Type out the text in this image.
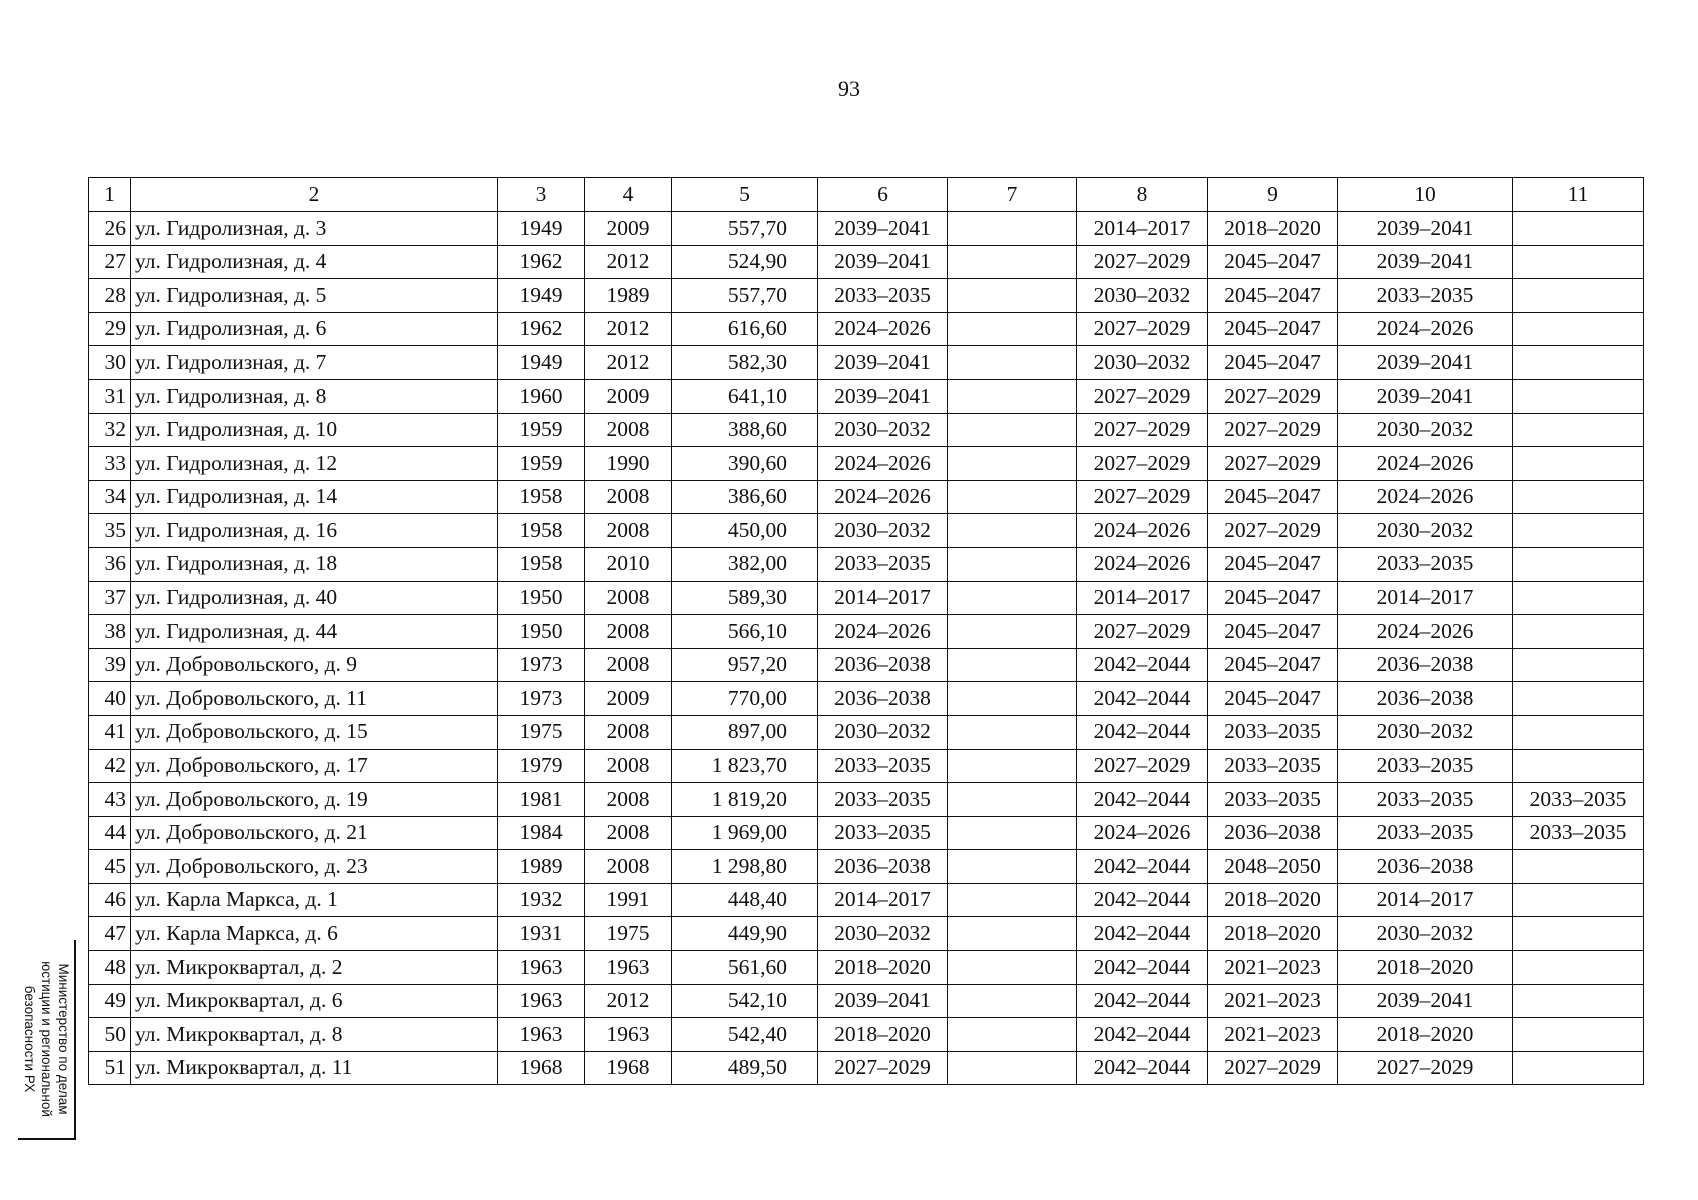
93
1	2	3	4	5	6	7	8	9	10	11
26	ул. Гидролизная, д. 3	1949	2009	557,70	2039–2041		2014–2017	2018–2020	2039–2041	
27	ул. Гидролизная, д. 4	1962	2012	524,90	2039–2041		2027–2029	2045–2047	2039–2041	
28	ул. Гидролизная, д. 5	1949	1989	557,70	2033–2035		2030–2032	2045–2047	2033–2035	
29	ул. Гидролизная, д. 6	1962	2012	616,60	2024–2026		2027–2029	2045–2047	2024–2026	
30	ул. Гидролизная, д. 7	1949	2012	582,30	2039–2041		2030–2032	2045–2047	2039–2041	
31	ул. Гидролизная, д. 8	1960	2009	641,10	2039–2041		2027–2029	2027–2029	2039–2041	
32	ул. Гидролизная, д. 10	1959	2008	388,60	2030–2032		2027–2029	2027–2029	2030–2032	
33	ул. Гидролизная, д. 12	1959	1990	390,60	2024–2026		2027–2029	2027–2029	2024–2026	
34	ул. Гидролизная, д. 14	1958	2008	386,60	2024–2026		2027–2029	2045–2047	2024–2026	
35	ул. Гидролизная, д. 16	1958	2008	450,00	2030–2032		2024–2026	2027–2029	2030–2032	
36	ул. Гидролизная, д. 18	1958	2010	382,00	2033–2035		2024–2026	2045–2047	2033–2035	
37	ул. Гидролизная, д. 40	1950	2008	589,30	2014–2017		2014–2017	2045–2047	2014–2017	
38	ул. Гидролизная, д. 44	1950	2008	566,10	2024–2026		2027–2029	2045–2047	2024–2026	
39	ул. Добровольского, д. 9	1973	2008	957,20	2036–2038		2042–2044	2045–2047	2036–2038	
40	ул. Добровольского, д. 11	1973	2009	770,00	2036–2038		2042–2044	2045–2047	2036–2038	
41	ул. Добровольского, д. 15	1975	2008	897,00	2030–2032		2042–2044	2033–2035	2030–2032	
42	ул. Добровольского, д. 17	1979	2008	1 823,70	2033–2035		2027–2029	2033–2035	2033–2035	
43	ул. Добровольского, д. 19	1981	2008	1 819,20	2033–2035		2042–2044	2033–2035	2033–2035	2033–2035
44	ул. Добровольского, д. 21	1984	2008	1 969,00	2033–2035		2024–2026	2036–2038	2033–2035	2033–2035
45	ул. Добровольского, д. 23	1989	2008	1 298,80	2036–2038		2042–2044	2048–2050	2036–2038	
46	ул. Карла Маркса, д. 1	1932	1991	448,40	2014–2017		2042–2044	2018–2020	2014–2017	
47	ул. Карла Маркса, д. 6	1931	1975	449,90	2030–2032		2042–2044	2018–2020	2030–2032	
48	ул. Микроквартал, д. 2	1963	1963	561,60	2018–2020		2042–2044	2021–2023	2018–2020	
49	ул. Микроквартал, д. 6	1963	2012	542,10	2039–2041		2042–2044	2021–2023	2039–2041	
50	ул. Микроквартал, д. 8	1963	1963	542,40	2018–2020		2042–2044	2021–2023	2018–2020	
51	ул. Микроквартал, д. 11	1968	1968	489,50	2027–2029		2042–2044	2027–2029	2027–2029	
Министерство по делам
юстиции и региональной
безопасности РХ
